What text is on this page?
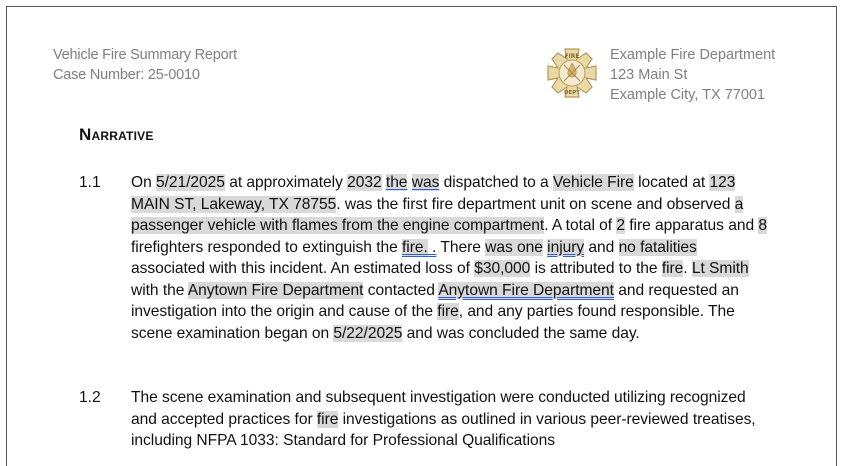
Vehicle Fire Summary Report
Case Number: 25-0010
FIRE
DEPT
Example Fire Department
123 Main St
Example City, TX 77001
Narrative
1.1	On 5/21/2025 at approximately 2032 the was dispatched to a Vehicle Fire located at 123 MAIN ST, Lakeway, TX 78755. was the first fire department unit on scene and observed a passenger vehicle with flames from the engine compartment. A total of 2 fire apparatus and 8 firefighters responded to extinguish the fire. . There was one injury and no fatalities associated with this incident. An estimated loss of $30,000 is attributed to the fire. Lt Smith with the Anytown Fire Department contacted Anytown Fire Department and requested an investigation into the origin and cause of the fire, and any parties found responsible. The scene examination began on 5/22/2025 and was concluded the same day.
1.2	The scene examination and subsequent investigation were conducted utilizing recognized and accepted practices for fire investigations as outlined in various peer-reviewed treatises, including NFPA 1033: Standard for Professional Qualifications
